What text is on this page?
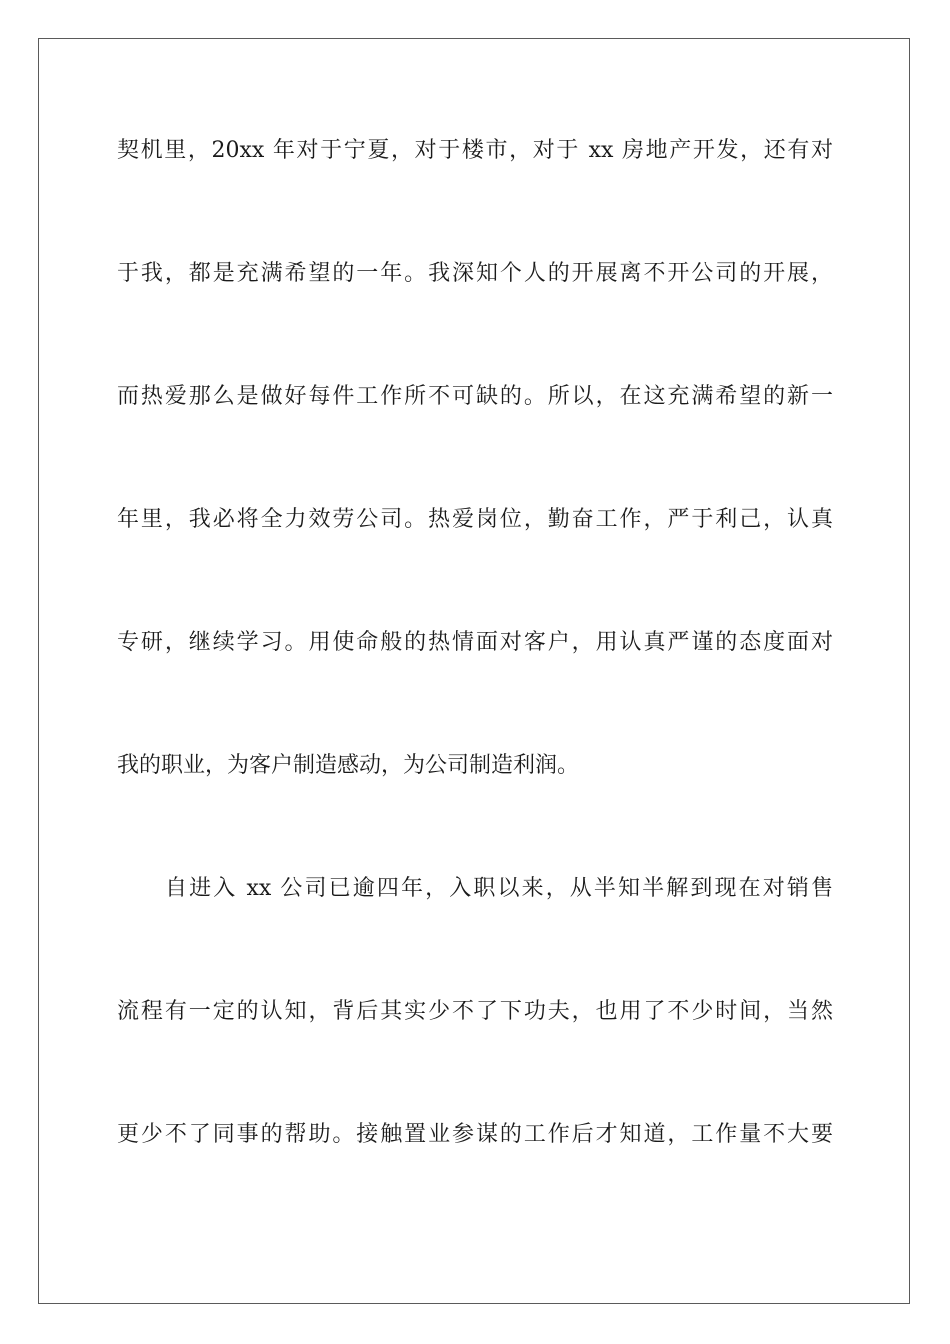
契机里，20xx 年对于宁夏，对于楼市，对于 xx 房地产开发，还有对
于我，都是充满希望的一年。我深知个人的开展离不开公司的开展，
而热爱那么是做好每件工作所不可缺的。所以，在这充满希望的新一
年里，我必将全力效劳公司。热爱岗位，勤奋工作，严于利己，认真
专研，继续学习。用使命般的热情面对客户，用认真严谨的态度面对
我的职业，为客户制造感动，为公司制造利润。
自进入 xx 公司已逾四年，入职以来，从半知半解到现在对销售
流程有一定的认知，背后其实少不了下功夫，也用了不少时间，当然
更少不了同事的帮助。接触置业参谋的工作后才知道，工作量不大要
